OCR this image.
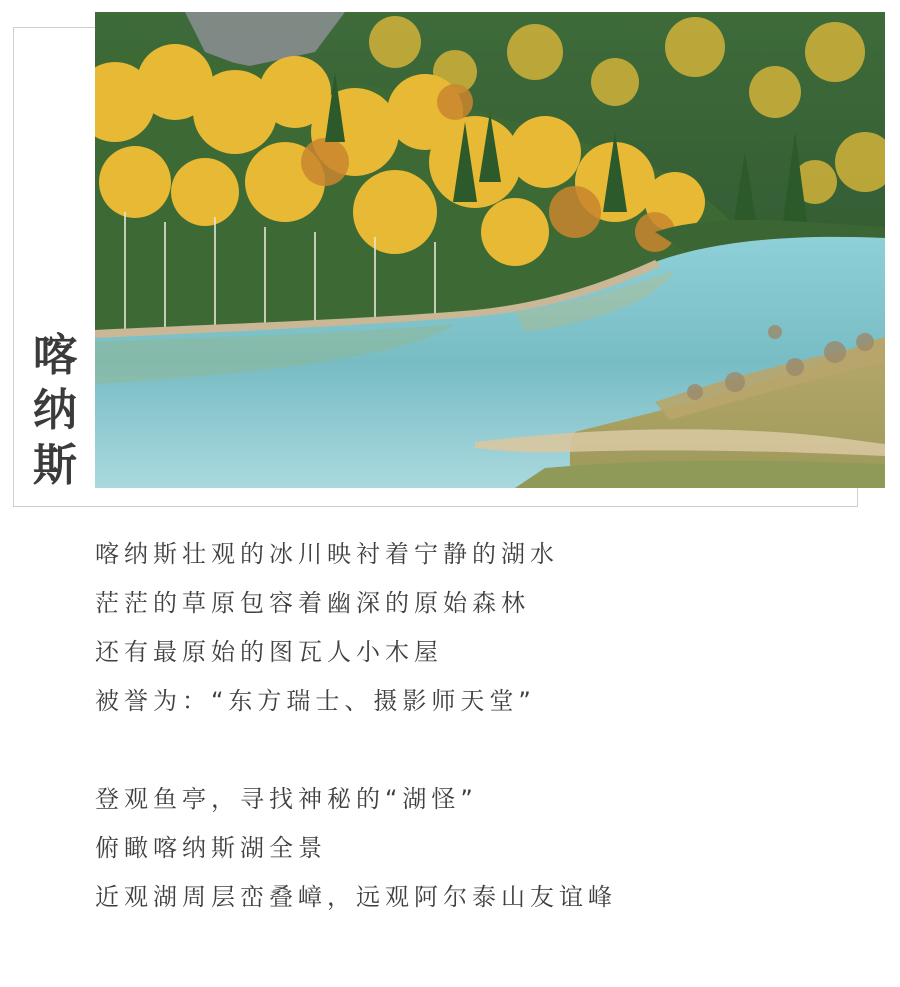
喀
纳
斯
喀纳斯壮观的冰川映衬着宁静的湖水
茫茫的草原包容着幽深的原始森林
还有最原始的图瓦人小木屋
被誉为：“东方瑞士、摄影师天堂”
登观鱼亭，寻找神秘的“湖怪”
俯瞰喀纳斯湖全景
近观湖周层峦叠嶂，远观阿尔泰山友谊峰
